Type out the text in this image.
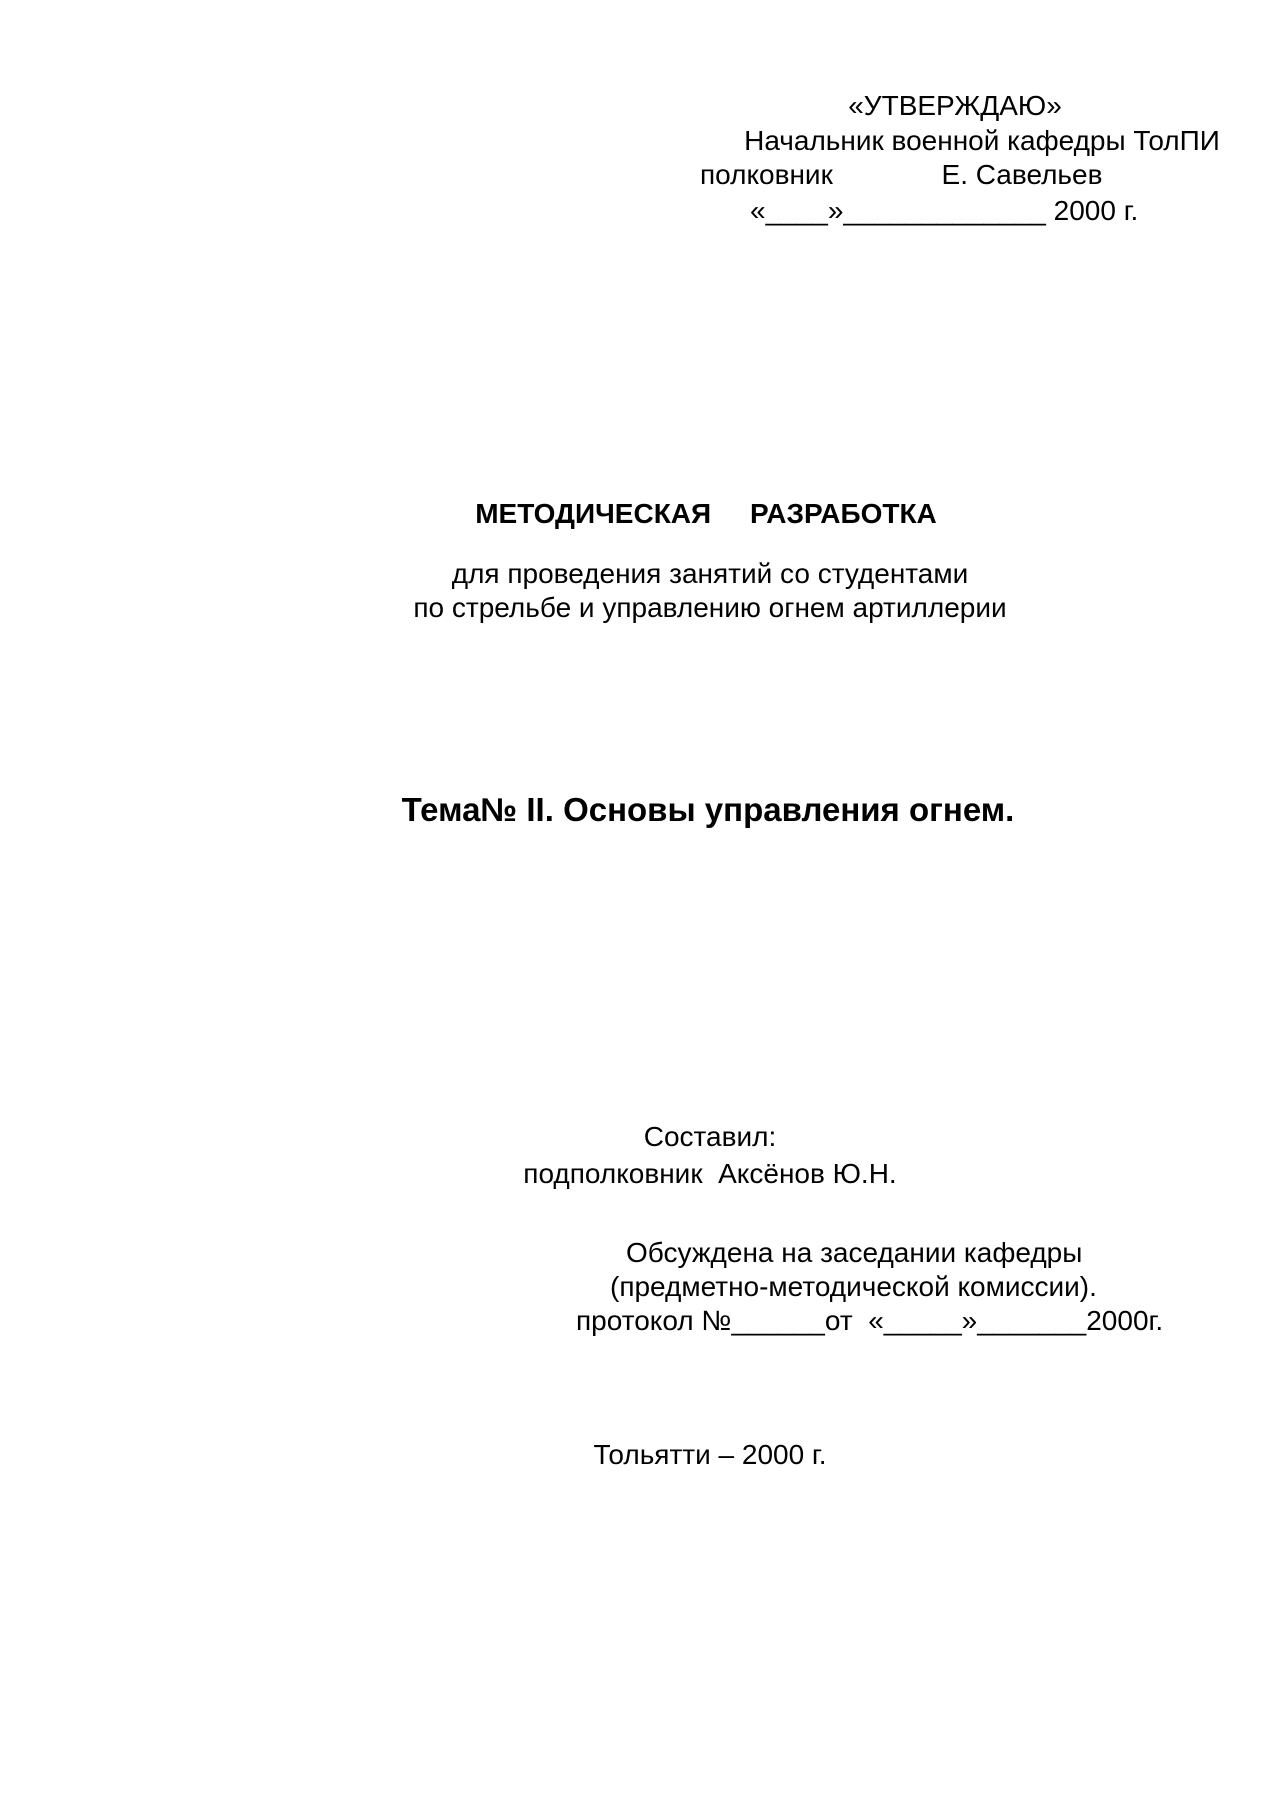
«УТВЕРЖДАЮ»
Начальник военной кафедры ТолПИ
полковник	Е. Савельев
«____»_____________ 2000 г.
МЕТОДИЧЕСКАЯ     РАЗРАБОТКА
для проведения занятий со студентами
по стрельбе и управлению огнем артиллерии
Тема№ II. Основы управления огнем.
Составил:
подполковник  Аксёнов Ю.Н.
Обсуждена на заседании кафедры
(предметно-методической комиссии).
протокол №______от  «_____»_______2000г.
Тольятти – 2000 г.
